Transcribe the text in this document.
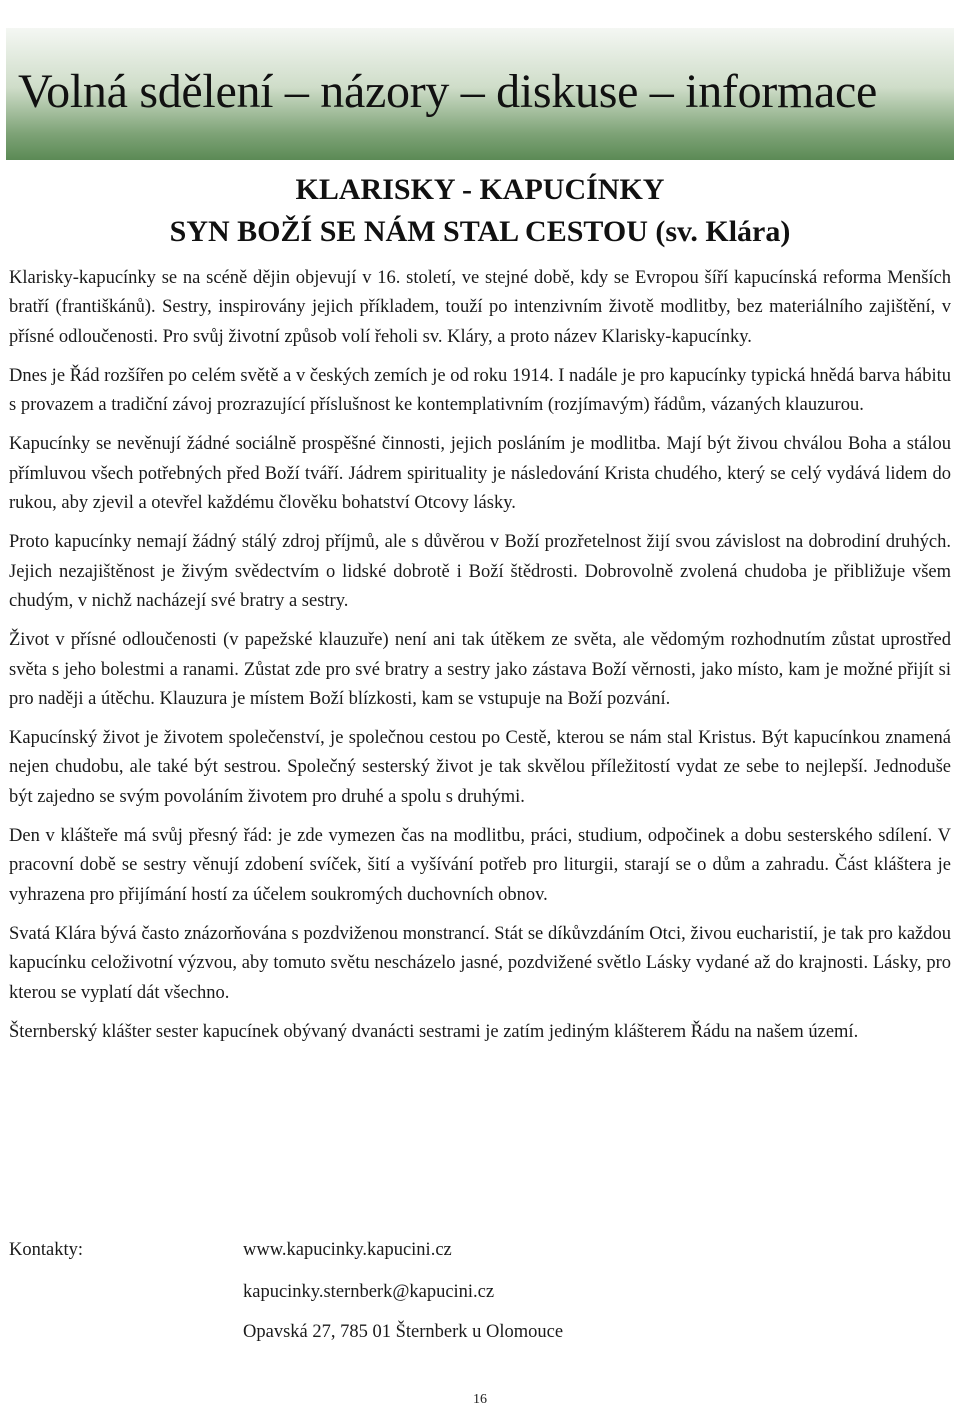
Volná sdělení – názory – diskuse – informace
KLARISKY - KAPUCÍNKY
SYN BOŽÍ SE NÁM STAL CESTOU (sv. Klára)

Klarisky-kapucínky se na scéně dějin objevují v 16. století, ve stejné době, kdy se Evropou šíří kapucínská reforma Menších bratří (františkánů). Sestry, inspirovány jejich příkladem, touží po intenzivním životě modlitby, bez materiálního zajištění, v přísné odloučenosti. Pro svůj životní způsob volí řeholi sv. Kláry, a proto název Klarisky-kapucínky.

Dnes je Řád rozšířen po celém světě a v českých zemích je od roku 1914. I nadále je pro kapucínky typická hnědá barva hábitu s provazem a tradiční závoj prozrazující příslušnost ke kontemplativním (rozjímavým) řádům, vázaných klauzurou.

Kapucínky se nevěnují žádné sociálně prospěšné činnosti, jejich posláním je modlitba. Mají být živou chválou Boha a stálou přímluvou všech potřebných před Boží tváří. Jádrem spirituality je následování Krista chudého, který se celý vydává lidem do rukou, aby zjevil a otevřel každému člověku bohatství Otcovy lásky.

Proto kapucínky nemají žádný stálý zdroj příjmů, ale s důvěrou v Boží prozřetelnost žijí svou závislost na dobrodiní druhých. Jejich nezajištěnost je živým svědectvím o lidské dobrotě i Boží štědrosti. Dobrovolně zvolená chudoba je přibližuje všem chudým, v nichž nacházejí své bratry a sestry.

Život v přísné odloučenosti (v papežské klauzuře) není ani tak útěkem ze světa, ale vědomým rozhodnutím zůstat uprostřed světa s jeho bolestmi a ranami. Zůstat zde pro své bratry a sestry jako zástava Boží věrnosti, jako místo, kam je možné přijít si pro naději a útěchu. Klauzura je místem Boží blízkosti, kam se vstupuje na Boží pozvání.

Kapucínský život je životem společenství, je společnou cestou po Cestě, kterou se nám stal Kristus. Být kapucínkou znamená nejen chudobu, ale také být sestrou. Společný sesterský život je tak skvělou příležitostí vydat ze sebe to nejlepší. Jednoduše být zajedno se svým povoláním životem pro druhé a spolu s druhými.

Den v klášteře má svůj přesný řád: je zde vymezen čas na modlitbu, práci, studium, odpočinek a dobu sesterského sdílení. V pracovní době se sestry věnují zdobení svíček, šití a vyšívání potřeb pro liturgii, starají se o dům a zahradu. Část kláštera je vyhrazena pro přijímání hostí za účelem soukromých duchovních obnov.

Svatá Klára bývá často znázorňována s pozdviženou monstrancí. Stát se díkůvzdáním Otci, živou eucharistií, je tak pro každou kapucínku celoživotní výzvou, aby tomuto světu nescházelo jasné, pozdvižené světlo Lásky vydané až do krajnosti. Lásky, pro kterou se vyplatí dát všechno.

Šternberský klášter sester kapucínek obývaný dvanácti sestrami je zatím jediným klášterem Řádu na našem území.

Kontakty:	www.kapucinky.kapucini.cz
kapucinky.sternberk@kapucini.cz
Opavská 27, 785 01 Šternberk u Olomouce
16
